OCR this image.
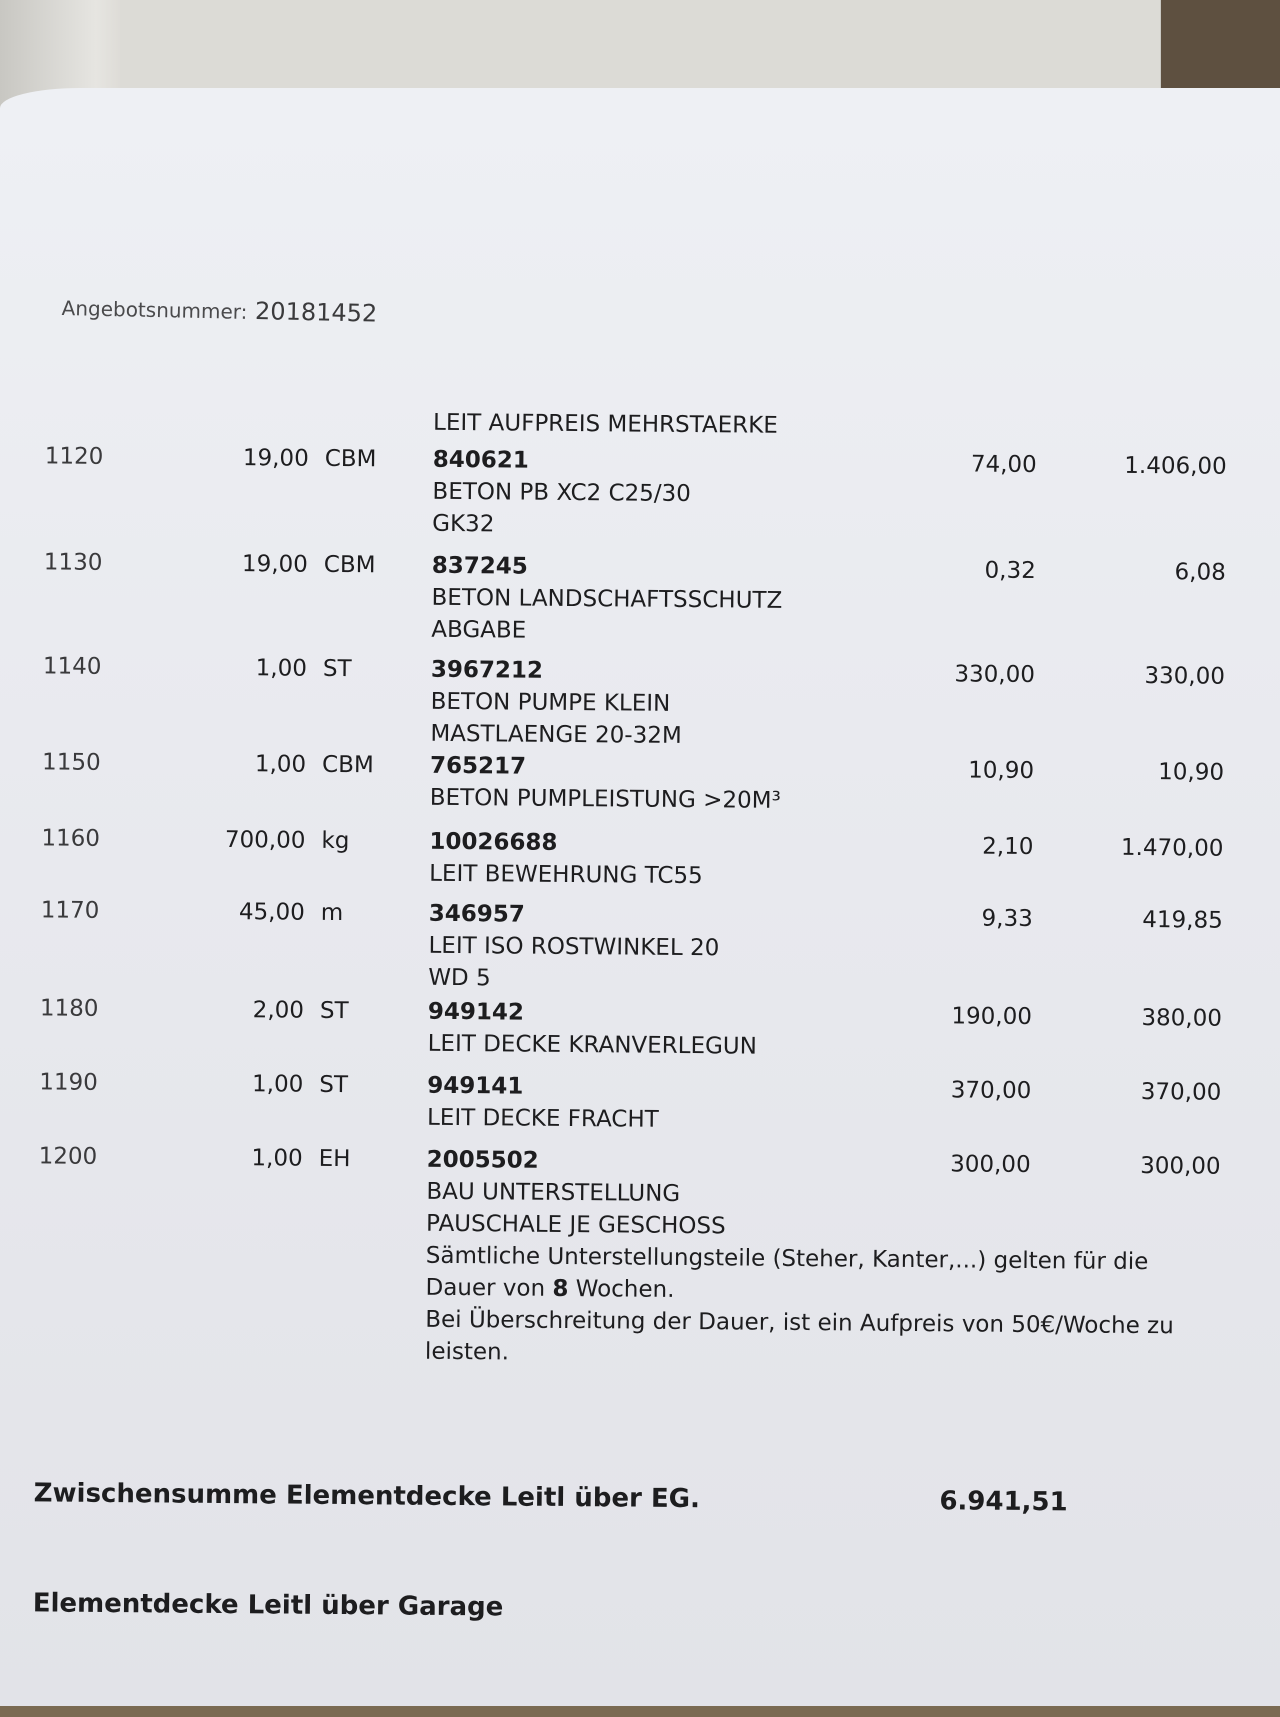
Angebotsnummer: 20181452
LEIT AUFPREIS MEHRSTAERKE
1120	19,00 CBM 840621
BETON PB XC2 C25/30
GK32
74,00	1.406,00
1130	19,00 CBM 837245
BETON LANDSCHAFTSSCHUTZ
ABGABE
0,32	6,08
1140	1,00 ST	3967212
BETON PUMPE KLEIN
MASTLAENGE 20-32M
330,00	330,00
1150	1,00 CBM 765217
BETON PUMPLEISTUNG >20M³
10,90	10,90
1160	700,00 kg	10026688
LEIT BEWEHRUNG TC55
2,10	1.470,00
1170	45,00 m	346957
LEIT ISO ROSTWINKEL 20
WD 5
9,33	419,85
1180	2,00 ST	949142
LEIT DECKE KRANVERLEGUN
190,00	380,00
1190	1,00 ST	949141
LEIT DECKE FRACHT
370,00	370,00
1200	1,00 EH	2005502
BAU UNTERSTELLUNG
PAUSCHALE JE GESCHOSS
Sämtliche Unterstellungsteile (Steher, Kanter,...) gelten für die Dauer von 8 Wochen.
Bei Überschreitung der Dauer, ist ein Aufpreis von 50€/Woche zu leisten.
300,00	300,00
Zwischensumme Elementdecke Leitl über EG.	6.941,51
Elementdecke Leitl über Garage
